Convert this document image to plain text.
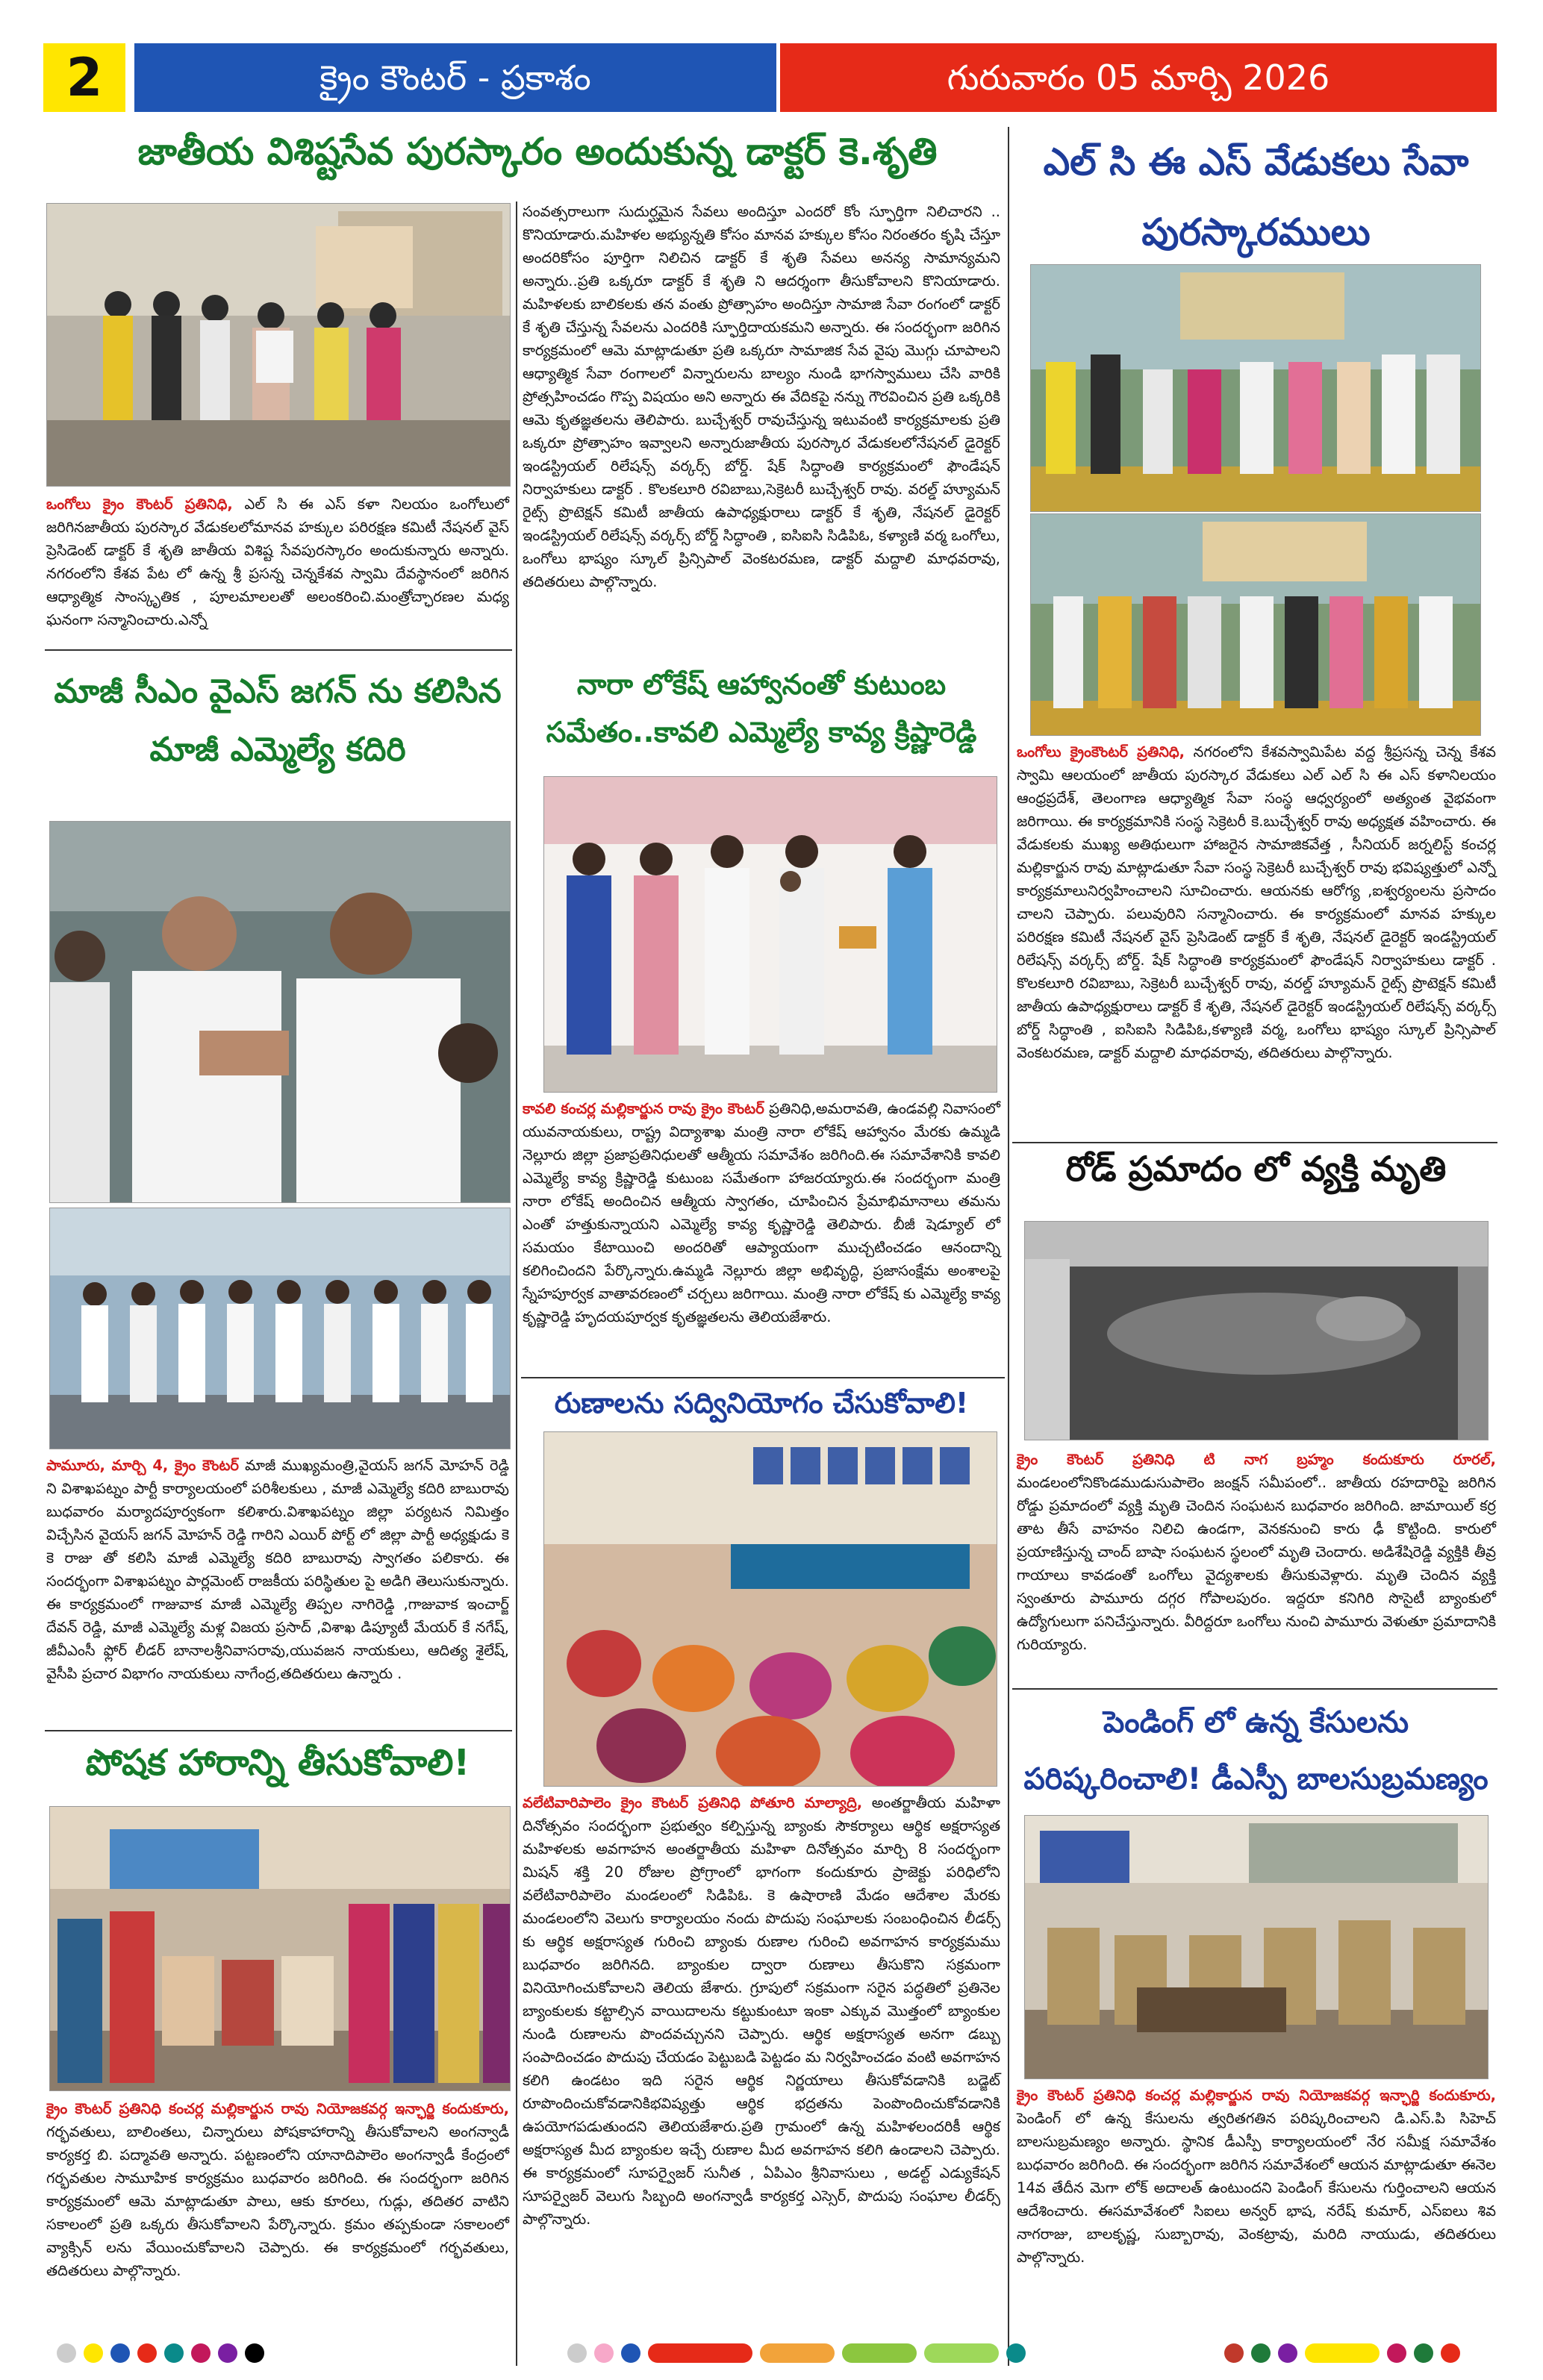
2	క్రైం కౌంటర్ - ప్రకాశం	గురువారం 05 మార్చి 2026
జాతీయ విశిష్టసేవ పురస్కారం అందుకున్న డాక్టర్ కె.శృతి
ఒంగోలు క్రైం కౌంటర్ ప్రతినిధి, ఎల్ సి ఈ ఎస్ కళా నిలయం ఒంగోలులో జరిగినజాతీయ పురస్కార వేడుకలలోమానవ హక్కుల పరిరక్షణ కమిటీ నేషనల్ వైస్ ప్రెసిడెంట్ డాక్టర్ కే శృతి జాతీయ విశిష్ట సేవపురస్కారం అందుకున్నారు అన్నారు. నగరంలోని కేశవ పేట లో ఉన్న శ్రీ ప్రసన్న చెన్నకేశవ స్వామి దేవస్థానంలో జరిగిన ఆధ్యాత్మిక సాంస్కృతిక , పూలమాలలతో అలంకరించి.మంత్రోచ్ఛారణల మధ్య ఘనంగా సన్మానించారు.ఎన్నో
సంవత్సరాలుగా సుదుర్ఘమైన సేవలు అందిస్తూ ఎందరో కోం స్ఫూర్తిగా నిలిచారని .. కొనియాడారు.మహిళల అభ్యున్నతి కోసం మానవ హక్కుల కోసం నిరంతరం కృషి చేస్తూ అందరికోసం పూర్తిగా నిలిచిన డాక్టర్ కే శృతి సేవలు అనన్య సామాన్యమని అన్నారు..ప్రతి ఒక్కరూ డాక్టర్ కే శృతి ని ఆదర్శంగా తీసుకోవాలని కొనియాడారు. మహిళలకు బాలికలకు తన వంతు ప్రోత్సాహం అందిస్తూ సామాజి సేవా రంగంలో డాక్టర్ కే శృతి చేస్తున్న సేవలను ఎందరికి స్ఫూర్తిదాయకమని అన్నారు. ఈ సందర్భంగా జరిగిన కార్యక్రమంలో ఆమె మాట్లాడుతూ ప్రతి ఒక్కరూ సామాజిక సేవ వైపు మొగ్గు చూపాలని ఆధ్యాత్మిక సేవా రంగాలలో విన్నారులను బాల్యం నుండి భాగస్వాములు చేసి వారికి ప్రోత్సహించడం గొప్ప విషయం అని అన్నారు ఈ వేదికపై నన్ను గౌరవించిన ప్రతి ఒక్కరికి ఆమె కృతజ్ఞతలను తెలిపారు. బుచ్చేశ్వర్ రావుచేస్తున్న ఇటువంటి కార్యక్రమాలకు ప్రతి ఒక్కరూ ప్రోత్సాహం ఇవ్వాలని అన్నారుజాతీయ పురస్కార వేడుకలలోనేషనల్ డైరెక్టర్ ఇండస్ట్రియల్ రిలేషన్స్ వర్కర్స్ బోర్డ్. షేక్ సిద్ధాంతి కార్యక్రమంలో ఫౌండేషన్ నిర్వాహకులు డాక్టర్ . కొలకలూరి రవిబాబు,సెక్రెటరీ బుచ్చేశ్వర్ రావు. వరల్డ్ హ్యూమన్ రైట్స్ ప్రొటెక్షన్ కమిటీ జాతీయ ఉపాధ్యక్షురాలు డాక్టర్ కే శృతి, నేషనల్ డైరెక్టర్ ఇండస్ట్రియల్ రిలేషన్స్ వర్కర్స్ బోర్డ్ సిద్ధాంతి , ఐసిఐసి సిడిపిఓ, కళ్యాణి వర్మ ఒంగోలు, ఒంగోలు భాష్యం స్కూల్ ప్రిన్సిపాల్ వెంకటరమణ, డాక్టర్ మద్దాలి మాధవరావు, తదితరులు పాల్గొన్నారు.
మాజీ సీఎం వైఎస్ జగన్ ను కలిసిన మాజీ ఎమ్మెల్యే కదిరి
పామూరు, మార్చి 4, క్రైం కౌంటర్ మాజీ ముఖ్యమంత్రి,వైయస్ జగన్ మోహన్ రెడ్డి ని విశాఖపట్నం పార్టీ కార్యాలయంలో పరిశీలకులు , మాజీ ఎమ్మెల్యే కదిరి బాబురావు బుధవారం మర్యాదపూర్వకంగా కలిశారు.విశాఖపట్నం జిల్లా పర్యటన నిమిత్తం విచ్చేసిన వైయస్ జగన్ మోహన్ రెడ్డి గారిని ఎయిర్ పోర్ట్ లో జిల్లా పార్టీ అధ్యక్షుడు కె కె రాజు తో కలిసి మాజీ ఎమ్మెల్యే కదిరి బాబురావు స్వాగతం పలికారు. ఈ సందర్భంగా విశాఖపట్నం పార్లమెంట్ రాజకీయ పరిస్థితుల పై అడిగి తెలుసుకున్నారు. ఈ కార్యక్రమంలో గాజువాక మాజీ ఎమ్మెల్యే తిప్పల నాగిరెడ్డి ,గాజువాక ఇంచార్జ్ దేవన్ రెడ్డి, మాజీ ఎమ్మెల్యే మళ్ల విజయ ప్రసాద్ ,విశాఖ డిప్యూటీ మేయర్ కే నగేష్, జీవీఎంసీ ఫ్లోర్ లీడర్ బానాలశ్రీనివాసరావు,యువజన నాయకులు, ఆదిత్య శైలేష్, వైసీపి ప్రచార విభాగం నాయకులు నాగేంద్ర,తదితరులు ఉన్నారు .
పోషక హారాన్ని తీసుకోవాలి!
క్రైం కౌంటర్ ప్రతినిధి కంచర్ల మల్లికార్జున రావు నియోజకవర్గ ఇన్ఛార్జి కందుకూరు, గర్భవతులు, బాలింతలు, చిన్నారులు పోషకాహారాన్ని తీసుకోవాలని అంగన్వాడీ కార్యకర్త బి. పద్మావతి అన్నారు. పట్టణంలోని యానాదిపాలెం అంగన్వాడీ కేంద్రంలో గర్భవతుల సామూహిక కార్యక్రమం బుధవారం జరిగింది. ఈ సందర్భంగా జరిగిన కార్యక్రమంలో ఆమె మాట్లాడుతూ పాలు, ఆకు కూరలు, గుడ్లు, తదితర వాటిని సకాలంలో ప్రతి ఒక్కరు తీసుకోవాలని పేర్కొన్నారు. క్రమం తప్పకుండా సకాలంలో వ్యాక్సిన్ లను వేయించుకోవాలని చెప్పారు. ఈ కార్యక్రమంలో గర్భవతులు, తదితరులు పాల్గొన్నారు.
నారా లోకేష్ ఆహ్వానంతో కుటుంబ సమేతం..కావలి ఎమ్మెల్యే కావ్య క్రిష్ణారెడ్డి
కావలి కంచర్ల మల్లికార్జున రావు క్రైం కౌంటర్ ప్రతినిధి,అమరావతి, ఉండవల్లి నివాసంలో యువనాయకులు, రాష్ట్ర విద్యాశాఖ మంత్రి నారా లోకేష్ ఆహ్వానం మేరకు ఉమ్మడి నెల్లూరు జిల్లా ప్రజాప్రతినిధులతో ఆత్మీయ సమావేశం జరిగింది.ఈ సమావేశానికి కావలి ఎమ్మెల్యే కావ్య క్రిష్ణారెడ్డి కుటుంబ సమేతంగా హాజరయ్యారు.ఈ సందర్భంగా మంత్రి నారా లోకేష్ అందించిన ఆత్మీయ స్వాగతం, చూపించిన ప్రేమాభిమానాలు తమను ఎంతో హత్తుకున్నాయని ఎమ్మెల్యే కావ్య కృష్ణారెడ్డి తెలిపారు. బీజీ షెడ్యూల్ లో సమయం కేటాయించి అందరితో ఆప్యాయంగా ముచ్చటించడం ఆనందాన్ని కలిగించిందని పేర్కొన్నారు.ఉమ్మడి నెల్లూరు జిల్లా అభివృద్ధి, ప్రజాసంక్షేమ అంశాలపై స్నేహపూర్వక వాతావరణంలో చర్చలు జరిగాయి. మంత్రి నారా లోకేష్ కు ఎమ్మెల్యే కావ్య కృష్ణారెడ్డి హృదయపూర్వక కృతజ్ఞతలను తెలియజేశారు.
రుణాలను సద్వినియోగం చేసుకోవాలి!
వలేటివారిపాలెం క్రైం కౌంటర్ ప్రతినిధి పోతూరి మాల్యాద్రి, అంతర్జాతీయ మహిళా దినోత్సవం సందర్భంగా ప్రభుత్వం కల్పిస్తున్న బ్యాంకు సౌకర్యాలు ఆర్థిక అక్షరాస్యత మహిళలకు అవగాహన అంతర్జాతీయ మహిళా దినోత్సవం మార్చి 8 సందర్భంగా మిషన్ శక్తి 20 రోజుల ప్రోగ్రాంలో భాగంగా కందుకూరు ప్రాజెక్టు పరిధిలోని వలేటివారిపాలెం మండలంలో సిడిపిఓ. కె ఉషారాణి మేడం ఆదేశాల మేరకు మండలంలోని వెలుగు కార్యాలయం నందు పొదుపు సంఘాలకు సంబంధించిన లీడర్స్ కు ఆర్థిక అక్షరాస్యత గురించి బ్యాంకు రుణాల గురించి అవగాహన కార్యక్రమము బుధవారం జరిగినది. బ్యాంకుల ద్వారా రుణాలు తీసుకొని సక్రమంగా వినియోగించుకోవాలని తెలియ జేశారు. గ్రూపులో సక్రమంగా సరైన పద్ధతిలో ప్రతినెల బ్యాంకులకు కట్టాల్సిన వాయిదాలను కట్టుకుంటూ ఇంకా ఎక్కువ మొత్తంలో బ్యాంకుల నుండి రుణాలను పొందవచ్చునని చెప్పారు. ఆర్థిక అక్షరాస్యత అనగా డబ్బు సంపాదించడం పొదుపు చేయడం పెట్టుబడి పెట్టడం మ నిర్వహించడం వంటి అవగాహన కలిగి ఉండటం ఇది సరైన ఆర్థిక నిర్ణయాలు తీసుకోవడానికి బడ్జెట్ రూపొందించుకోవడానికిభవిష్యత్తు ఆర్థిక భద్రతను పెంపొందించుకోవడానికి ఉపయోగపడుతుందని తెలియజేశారు.ప్రతి గ్రామంలో ఉన్న మహిళలందరికీ ఆర్థిక అక్షరాస్యత మీద బ్యాంకుల ఇచ్చే రుణాల మీద అవగాహన కలిగి ఉండాలని చెప్పారు. ఈ కార్యక్రమంలో సూపర్వైజర్ సునీత , ఏపిఎం శ్రీనివాసులు , అడల్ట్ ఎడ్యుకేషన్ సూపర్వైజర్ వెలుగు సిబ్బంది అంగన్వాడీ కార్యకర్త ఎస్సెర్, పొదుపు సంఘాల లీడర్స్ పాల్గొన్నారు.
ఎల్ సి ఈ ఎస్ వేడుకలు సేవా పురస్కారములు
ఒంగోలు క్రైంకౌంటర్ ప్రతినిధి, నగరంలోని కేశవస్వామిపేట వద్ద శ్రీప్రసన్న చెన్న కేశవ స్వామి ఆలయంలో జాతీయ పురస్కార వేడుకలు ఎల్ ఎల్ సి ఈ ఎస్ కళానిలయం ఆంధ్రప్రదేశ్, తెలంగాణ ఆధ్యాత్మిక సేవా సంస్థ ఆధ్వర్యంలో అత్యంత వైభవంగా జరిగాయి. ఈ కార్యక్రమానికి సంస్థ సెక్రెటరీ కె.బుచ్చేశ్వర్ రావు అధ్యక్షత వహించారు. ఈ వేడుకలకు ముఖ్య అతిథులుగా హాజరైన సామాజికవేత్త , సీనియర్ జర్నలిస్ట్ కంచర్ల మల్లికార్జున రావు మాట్లాడుతూ సేవా సంస్థ సెక్రెటరీ బుచ్చేశ్వర్ రావు భవిష్యత్తులో ఎన్నో కార్యక్రమాలునిర్వహించాలని సూచించారు. ఆయనకు ఆరోగ్య ,ఐశ్వర్యంలను ప్రసాదం చాలని చెప్పారు. పలువురిని సన్మానించారు. ఈ కార్యక్రమంలో మానవ హక్కుల పరిరక్షణ కమిటీ నేషనల్ వైస్ ప్రెసిడెంట్ డాక్టర్ కే శృతి, నేషనల్ డైరెక్టర్ ఇండస్ట్రియల్ రిలేషన్స్ వర్కర్స్ బోర్డ్. షేక్ సిద్ధాంతి కార్యక్రమంలో ఫౌండేషన్ నిర్వాహకులు డాక్టర్ . కొలకలూరి రవిబాబు, సెక్రెటరీ బుచ్చేశ్వర్ రావు, వరల్డ్ హ్యూమన్ రైట్స్ ప్రొటెక్షన్ కమిటీ జాతీయ ఉపాధ్యక్షురాలు డాక్టర్ కే శృతి, నేషనల్ డైరెక్టర్ ఇండస్ట్రియల్ రిలేషన్స్ వర్కర్స్ బోర్డ్ సిద్ధాంతి , ఐసిఐసి సిడిపిఓ,కళ్యాణి వర్మ, ఒంగోలు భాష్యం స్కూల్ ప్రిన్సిపాల్ వెంకటరమణ, డాక్టర్ మద్దాలి మాధవరావు, తదితరులు పాల్గొన్నారు.
రోడ్ ప్రమాదం లో వ్యక్తి మృతి
క్రైం కౌంటర్ ప్రతినిధి టి నాగ బ్రహ్మం కందుకూరు రూరల్, మండలంలోనికొండముడుసుపాలెం జంక్షన్ సమీపంలో.. జాతీయ రహదారిపై జరిగిన రోడ్డు ప్రమాదంలో వ్యక్తి మృతి చెందిన సంఘటన బుధవారం జరిగింది. జామాయిల్ కర్ర తాట తీసే వాహనం నిలిచి ఉండగా, వెనకనుంచి కారు ఢీ కొట్టింది. కారులో ప్రయాణిస్తున్న చాంద్ బాషా సంఘటన స్థలంలో మృతి చెందారు. అడిశేషిరెడ్డి వ్యక్తికి తీవ్ర గాయాలు కావడంతో ఒంగోలు వైద్యశాలకు తీసుకువెళ్లారు. మృతి చెందిన వ్యక్తి స్వంతూరు పామూరు దగ్గర గోపాలపురం. ఇద్దరూ కనిగిరి సొసైటీ బ్యాంకులో ఉద్యోగులుగా పనిచేస్తున్నారు. వీరిద్దరూ ఒంగోలు నుంచి పామూరు వెళుతూ ప్రమాదానికి గురియ్యారు.
పెండింగ్ లో ఉన్న కేసులను పరిష్కరించాలి! డీఎస్పీ బాలసుబ్రమణ్యం
క్రైం కౌంటర్ ప్రతినిధి కంచర్ల మల్లికార్జున రావు నియోజకవర్గ ఇన్ఛార్జి కందుకూరు, పెండింగ్ లో ఉన్న కేసులను త్వరితగతిన పరిష్కరించాలని డి.ఎస్.పి సిహెచ్ బాలసుబ్రమణ్యం అన్నారు. స్థానిక డీఎస్పీ కార్యాలయంలో నేర సమీక్ష సమావేశం బుధవారం జరిగింది. ఈ సందర్భంగా జరిగిన సమావేశంలో ఆయన మాట్లాడుతూ ఈనెల 14వ తేదీన మెగా లోక్ అదాలత్ ఉంటుందని పెండింగ్ కేసులను గుర్తించాలని ఆయన ఆదేశించారు. ఈసమావేశంలో సిఐలు అన్వర్ భాష, నరేష్ కుమార్, ఎస్ఐలు శివ నాగరాజు, బాలకృష్ణ, సుబ్బారావు, వెంకట్రావు, మరిది నాయుడు, తదితరులు పాల్గొన్నారు.
